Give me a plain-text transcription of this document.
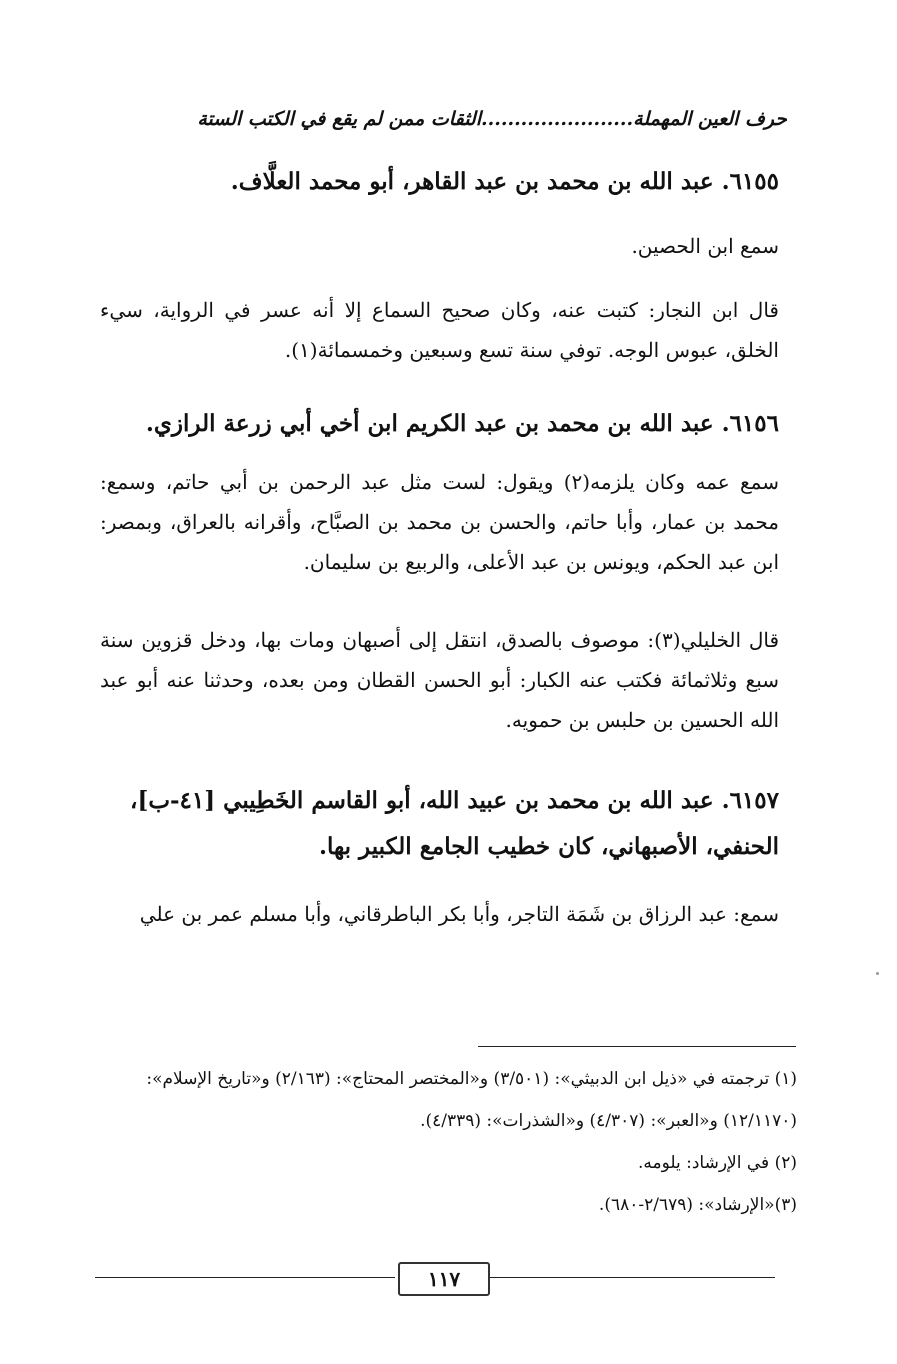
حرف العين المهملة.......................الثقات ممن لم يقع في الكتب الستة
٦١٥٥. عبد الله بن محمد بن عبد القاهر، أبو محمد العلَّاف.
سمع ابن الحصين.
قال ابن النجار: كتبت عنه، وكان صحيح السماع إلا أنه عسر في الرواية، سيء الخلق، عبوس الوجه. توفي سنة تسع وسبعين وخمسمائة(١).
٦١٥٦. عبد الله بن محمد بن عبد الكريم ابن أخي أبي زرعة الرازي.
سمع عمه وكان يلزمه(٢) ويقول: لست مثل عبد الرحمن بن أبي حاتم، وسمع: محمد بن عمار، وأبا حاتم، والحسن بن محمد بن الصبَّاح، وأقرانه بالعراق، وبمصر: ابن عبد الحكم، ويونس بن عبد الأعلى، والربيع بن سليمان.
قال الخليلي(٣): موصوف بالصدق، انتقل إلى أصبهان ومات بها، ودخل قزوين سنة سبع وثلاثمائة فكتب عنه الكبار: أبو الحسن القطان ومن بعده، وحدثنا عنه أبو عبد الله الحسين بن حلبس بن حمويه.
٦١٥٧. عبد الله بن محمد بن عبيد الله، أبو القاسم الخَطِيبي [٤١-ب]، الحنفي، الأصبهاني، كان خطيب الجامع الكبير بها.
سمع: عبد الرزاق بن شَمَة التاجر، وأبا بكر الباطرقاني، وأبا مسلم عمر بن علي

(١) ترجمته في «ذيل ابن الدبيثي»: (٣/٥٠١) و«المختصر المحتاج»: (٢/١٦٣) و«تاريخ الإسلام»: (١٢/١١٧٠) و«العبر»: (٤/٣٠٧) و«الشذرات»: (٤/٣٣٩).

(٢) في الإرشاد: يلومه.

(٣)«الإرشاد»: (٢/٦٧٩-٦٨٠).

١١٧
